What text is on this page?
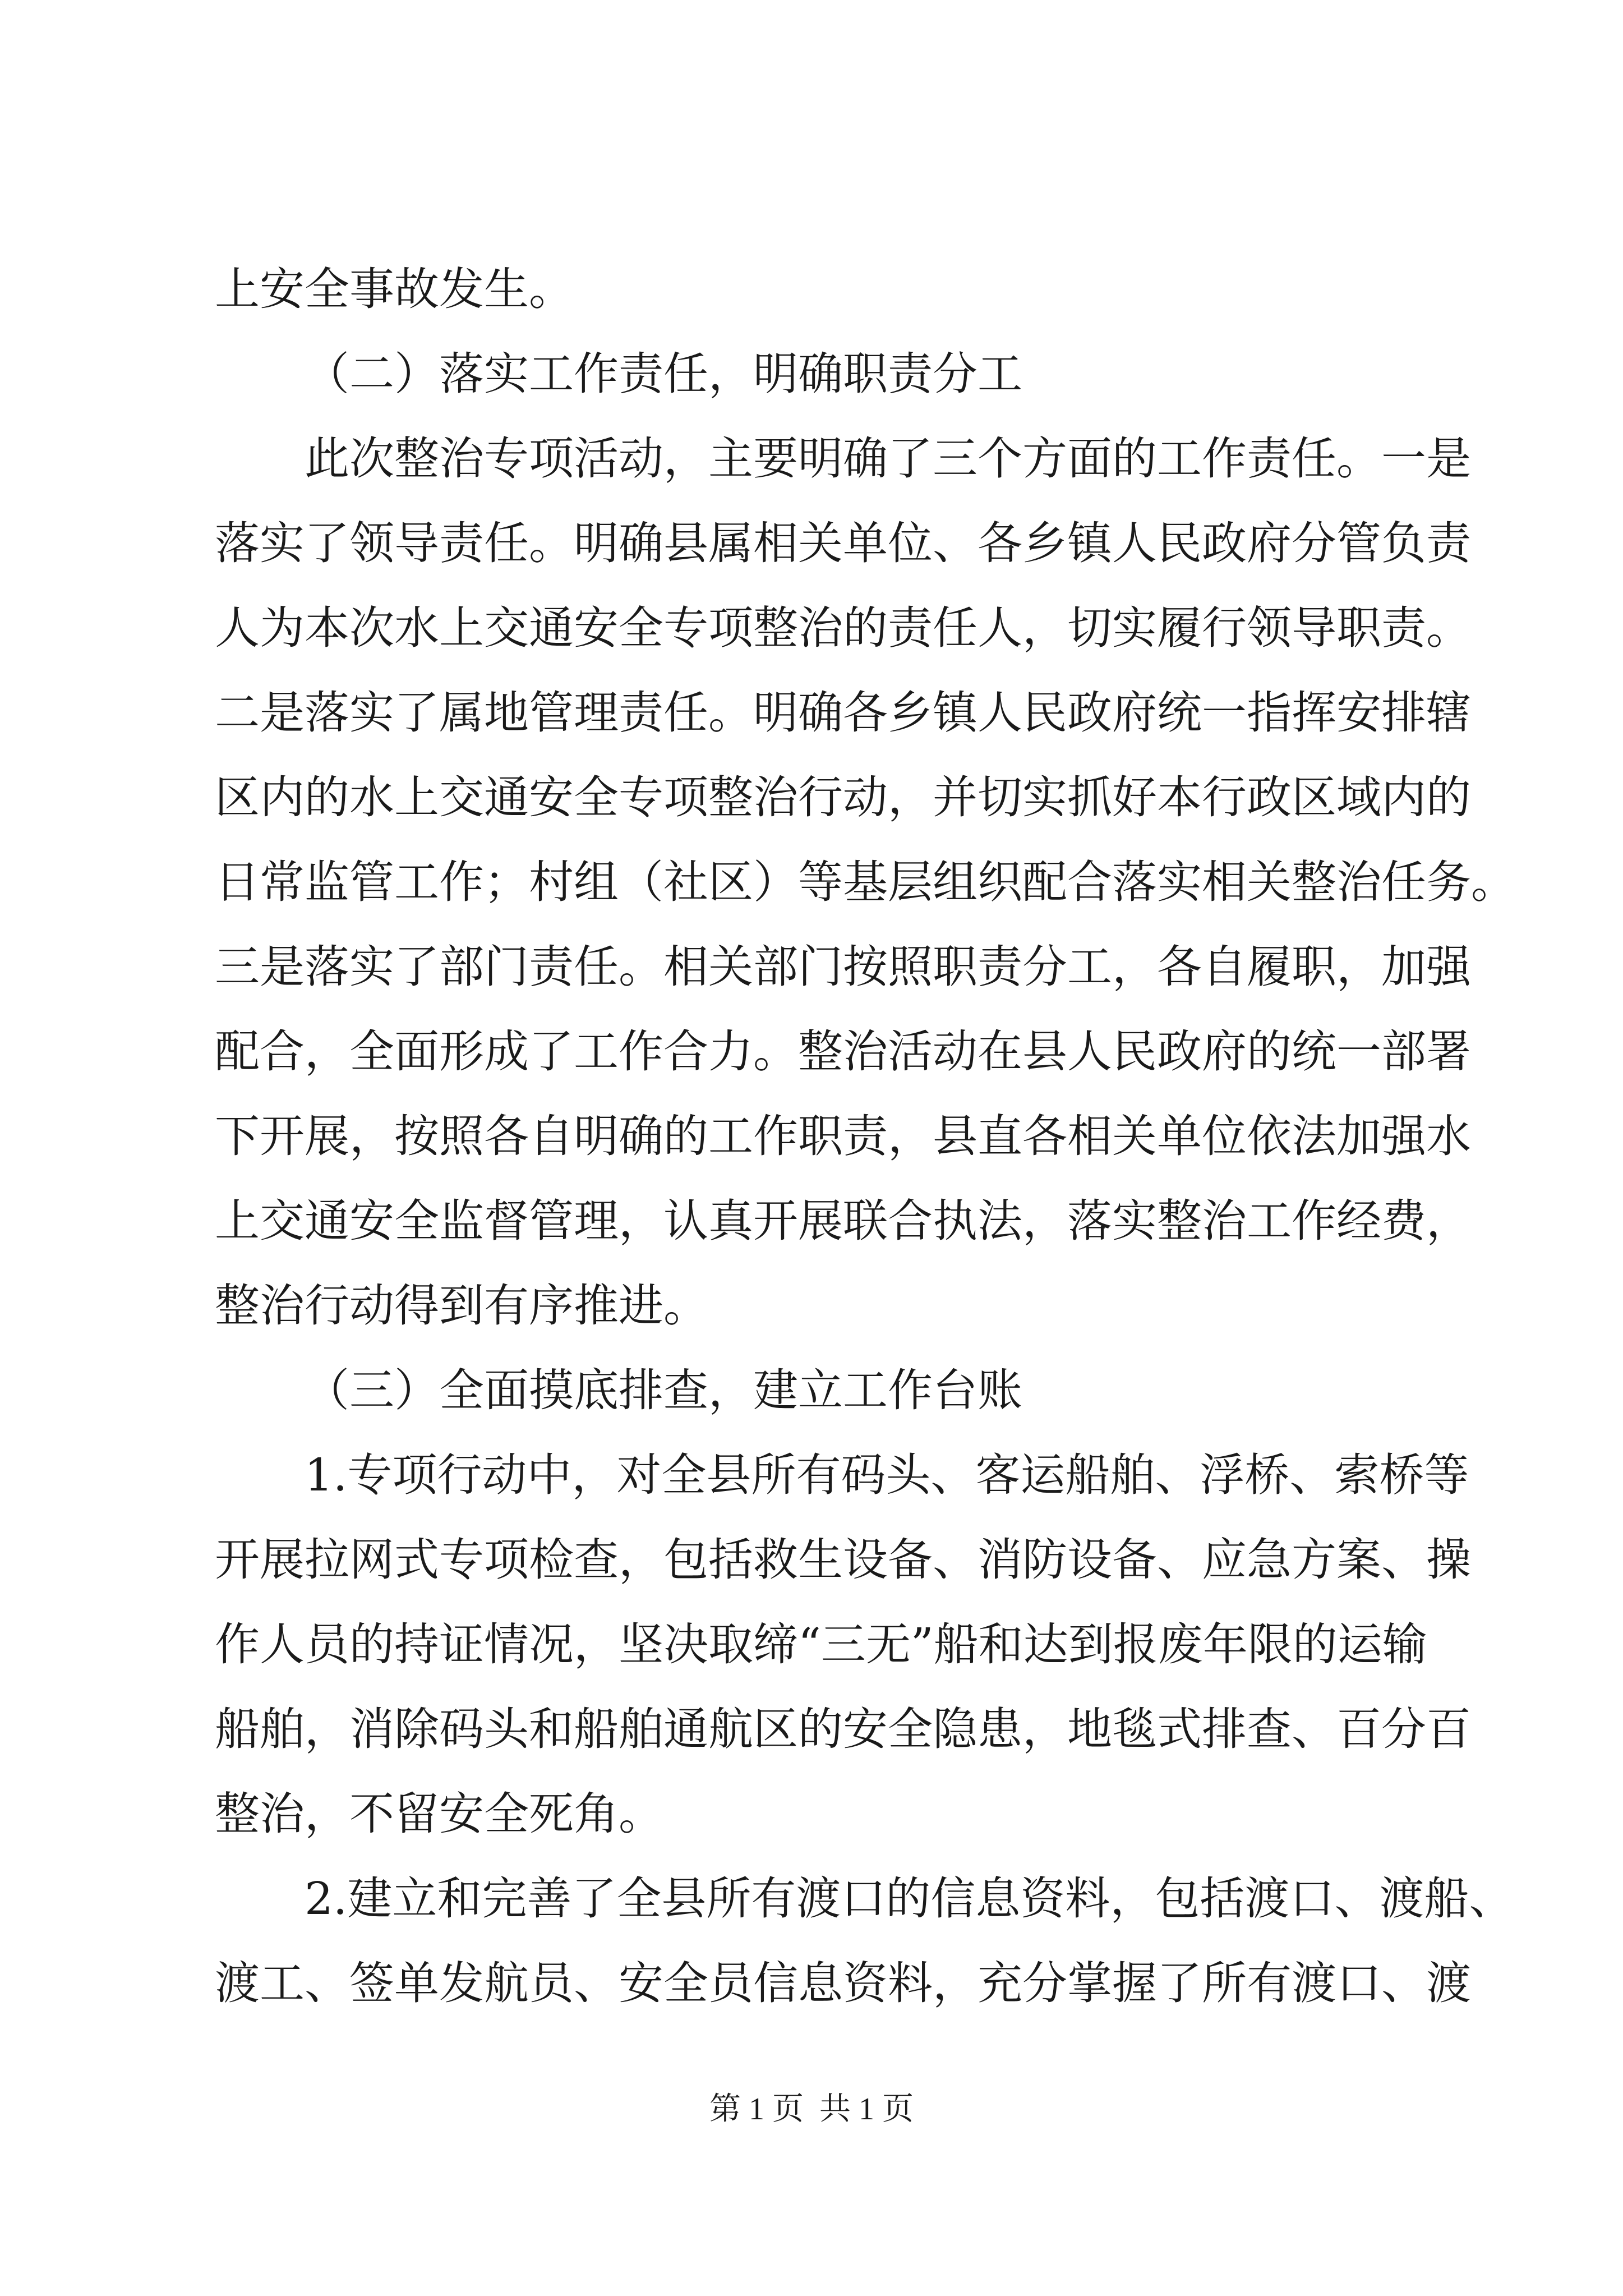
上安全事故发生。
（二）落实工作责任，明确职责分工
此次整治专项活动，主要明确了三个方面的工作责任。一是
落实了领导责任。明确县属相关单位、各乡镇人民政府分管负责
人为本次水上交通安全专项整治的责任人，切实履行领导职责。
二是落实了属地管理责任。明确各乡镇人民政府统一指挥安排辖
区内的水上交通安全专项整治行动，并切实抓好本行政区域内的
日常监管工作；村组（社区）等基层组织配合落实相关整治任务。
三是落实了部门责任。相关部门按照职责分工，各自履职，加强
配合，全面形成了工作合力。整治活动在县人民政府的统一部署
下开展，按照各自明确的工作职责，县直各相关单位依法加强水
上交通安全监督管理，认真开展联合执法，落实整治工作经费，
整治行动得到有序推进。
（三）全面摸底排查，建立工作台账
1.专项行动中，对全县所有码头、客运船舶、浮桥、索桥等
开展拉网式专项检查，包括救生设备、消防设备、应急方案、操
作人员的持证情况，坚决取缔“三无”船和达到报废年限的运输
船舶，消除码头和船舶通航区的安全隐患，地毯式排查、百分百
整治，不留安全死角。
2.建立和完善了全县所有渡口的信息资料，包括渡口、渡船、
渡工、签单发航员、安全员信息资料，充分掌握了所有渡口、渡
第 1 页 共 1 页
